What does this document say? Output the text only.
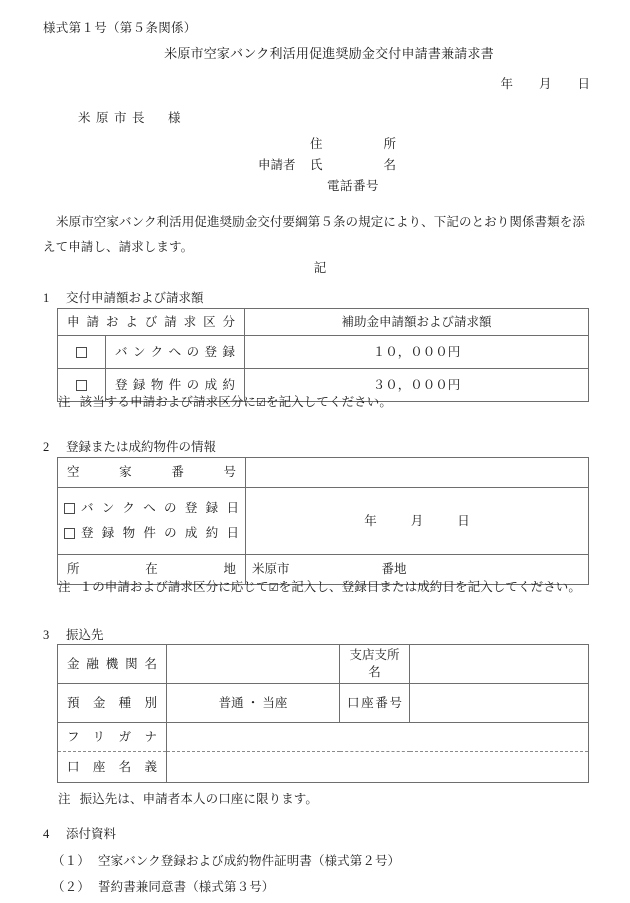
様式第１号（第５条関係）
米原市空家バンク利活用促進奨励金交付申請書兼請求書
年 月 日
米原市長　様
住　所
申請者 氏　名
電話番号
米原市空家バンク利活用促進奨励金交付要綱第５条の規定により、下記のとおり関係書類を添えて申請し、請求します。
記
1 交付申請額および請求額
申請および請求区分		補助金申請額および請求額

	バンクへの登録	１０，０００円

	登録物件の成約	３０，０００円
注 該当する申請および請求区分に☑を記入してください。
2 登録または成約物件の情報
空家番号	

バンクへの登録日
登録物件の成約日	年 月 日

所在地	米原市 番地
注 １の申請および請求区分に応じて☑を記入し、登録日または成約日を記入してください。
3 振込先
金融機関名		支店支所名	

預金種別	普通 ・ 当座	口座番号	

フリガナ			

口座名義			

注 振込先は、申請者本人の口座に限ります。
4 添付資料
（１） 空家バンク登録および成約物件証明書（様式第２号）
（２） 誓約書兼同意書（様式第３号）
